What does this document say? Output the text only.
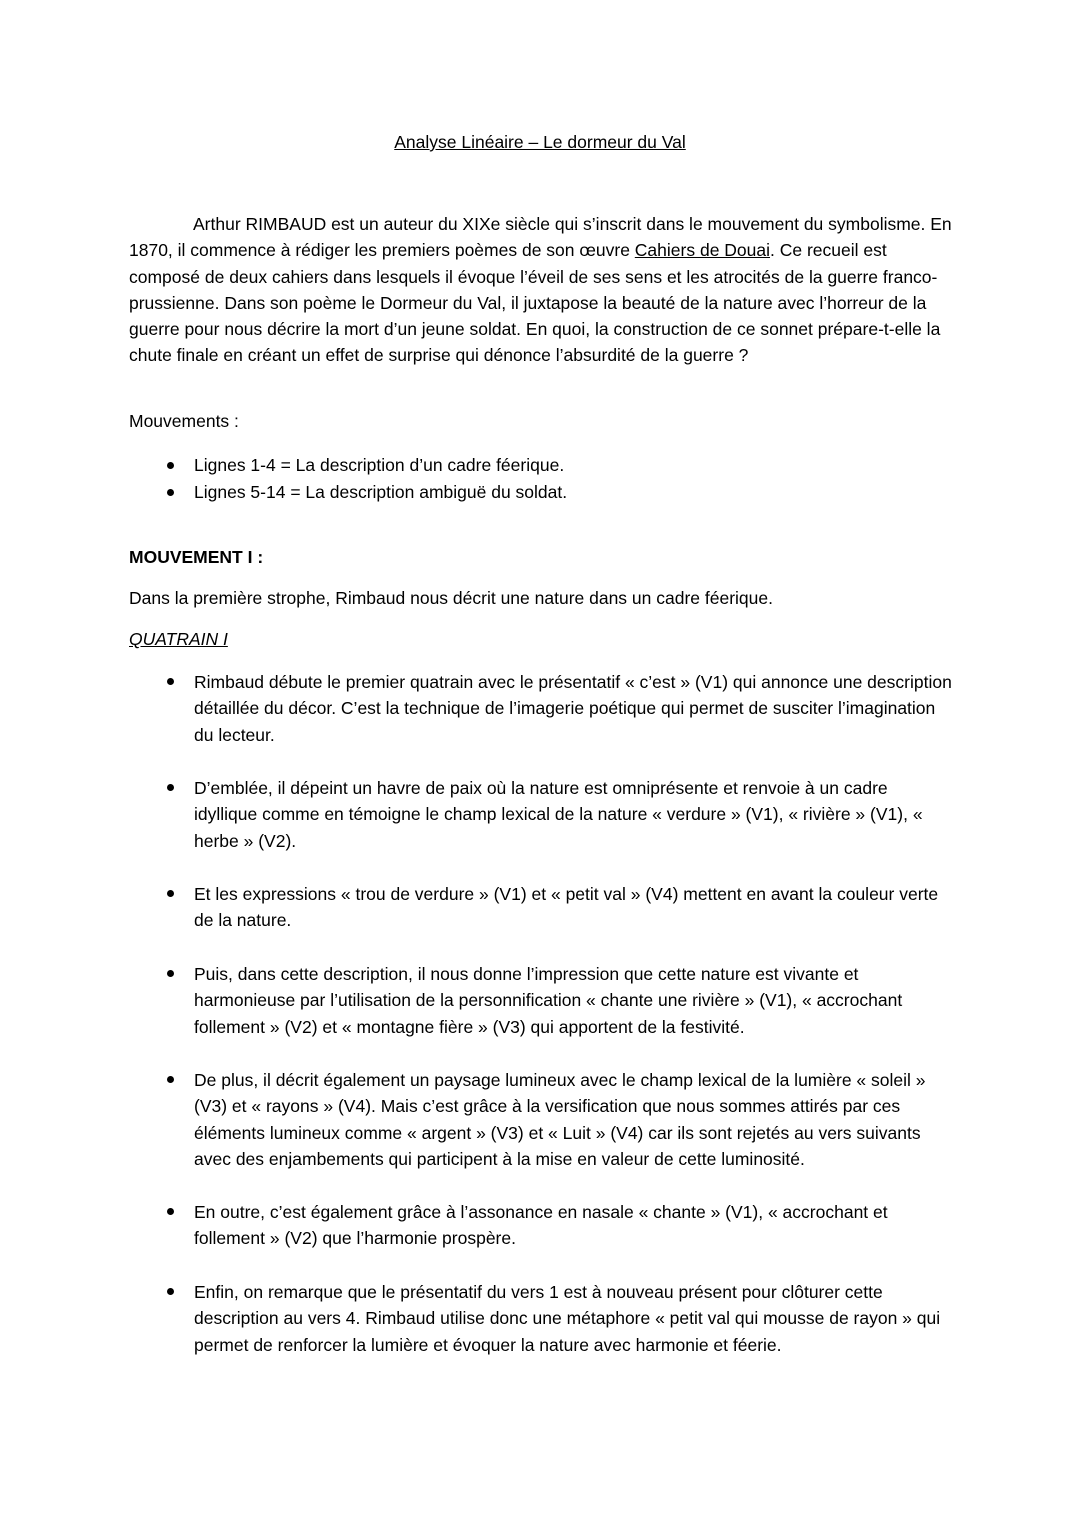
Analyse Linéaire – Le dormeur du Val

Arthur RIMBAUD est un auteur du XIXe siècle qui s’inscrit dans le mouvement du symbolisme. En 1870, il commence à rédiger les premiers poèmes de son œuvre Cahiers de Douai. Ce recueil est composé de deux cahiers dans lesquels il évoque l’éveil de ses sens et les atrocités de la guerre franco-prussienne. Dans son poème le Dormeur du Val, il juxtapose la beauté de la nature avec l’horreur de la guerre pour nous décrire la mort d’un jeune soldat. En quoi, la construction de ce sonnet prépare-t-elle la chute finale en créant un effet de surprise qui dénonce l’absurdité de la guerre ?

Mouvements :
Lignes 1-4 = La description d’un cadre féerique.
Lignes 5-14 = La description ambiguë du soldat.
MOUVEMENT I :
Dans la première strophe, Rimbaud nous décrit une nature dans un cadre féerique.
QUATRAIN I
Rimbaud débute le premier quatrain avec le présentatif « c’est » (V1) qui annonce une description détaillée du décor. C’est la technique de l’imagerie poétique qui permet de susciter l’imagination du lecteur.
D’emblée, il dépeint un havre de paix où la nature est omniprésente et renvoie à un cadre idyllique comme en témoigne le champ lexical de la nature « verdure » (V1), « rivière » (V1), « herbe » (V2).
Et les expressions « trou de verdure » (V1) et « petit val » (V4) mettent en avant la couleur verte de la nature.
Puis, dans cette description, il nous donne l’impression que cette nature est vivante et harmonieuse par l’utilisation de la personnification « chante une rivière » (V1), « accrochant follement » (V2) et « montagne fière » (V3) qui apportent de la festivité.
De plus, il décrit également un paysage lumineux avec le champ lexical de la lumière « soleil » (V3) et « rayons » (V4). Mais c’est grâce à la versification que nous sommes attirés par ces éléments lumineux comme « argent » (V3) et « Luit » (V4) car ils sont rejetés au vers suivants avec des enjambements qui participent à la mise en valeur de cette luminosité.
En outre, c’est également grâce à l’assonance en nasale « chante » (V1), « accrochant et follement » (V2) que l’harmonie prospère.
Enfin, on remarque que le présentatif du vers 1 est à nouveau présent pour clôturer cette description au vers 4. Rimbaud utilise donc une métaphore « petit val qui mousse de rayon » qui permet de renforcer la lumière et évoquer la nature avec harmonie et féerie.
